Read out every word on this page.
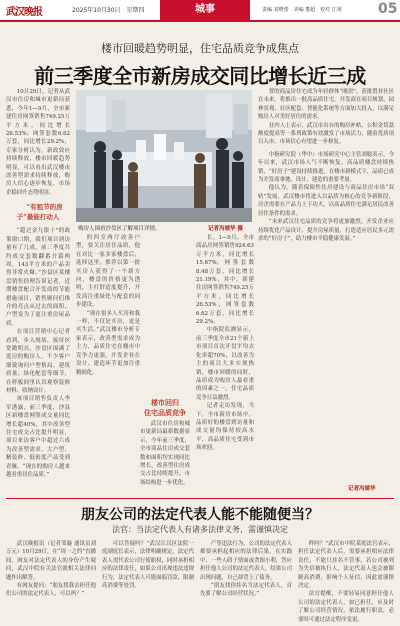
武汉晚报	2025年10月30日　星期四	城事	责编 刘晓蕾　美编 董超　校对 江靖	05
楼市回暖趋势明显，住宅品质竞争成焦点
前三季度全市新房成交同比增长近三成

10月29日，记者从武汉市住房和城市更新局获悉，今年1—9月，全市新建住房网签销售749.25万平方米，同比增长26.53%；网签套数6.62万套，同比增长29.2%，专家分析认为，新政效应持续释放，楼市回暖趋势明显，可以看出武汉楼市改善型需求持续释放，购房人信心逐步恢复，市场企稳回升态势明显。

“有租节的房子”最能打动人

“超过金九银十”的政策窗口期，我们项目到访量有了几成，前三季度共约成交套数翻番开幕两周，143平方米的产品卖得非常火爆。”沙县区某楼盘销售经理告诉记者，近期楼盘配合开发商的节能措施项目，销售顾问们推介的亮点从过去的面积、户型变为了更注重房屋品质。

在项目营销中心记者看到，步入现场，接待区宽敞明亮，沙盘区围满了选房的购房人，不少客户细致询问户型格局、建筑质量、绿化配套等细节，在样板间里认真观察装修材料、收纳设计。

该项目销售负责人李军透露，前三季度，沙县区新楼盘网签成交量同比增长超40%，其中改善型住宅成交占比提升明显，项目来访客户中超过六成为改善型需求，大户型、精装修、低密度产品受到青睐。“现在的购房人越来越看重居住品质。”

购房人围看沙盘区了解项目详情。	记者冯婧华 摄

的四室两厅改善户型，要关注居住品质，他在对比一家多家楼盘后，选择这里，推荐以第一批买房人获得了一个新方向，楼盘的价格更为透明，主打舒适度提升，开发商注重绿化与配套的同步建设。

“现在很多人买房和我一样，不仅是买房，更是买生活。”武汉楼市分析专家表示，改善型需求成为主力，品质住宅在楼市中竞争力更强，开发企业在设计、建造环节更加注重精细化。

楼市回归
住宅品质竞争

武汉市住房和城市更新局最新数据显示，今年前三季度，全市商品住房成交套数和面积均实现同比增长，改善型住房成交占比持续提升，市场结构进一步优化。

长。1—9月，全市商品房网签销售924.63万平方米，同比增长15.67%；网签套数8.48万套，同比增长21.19%，其中，新建住房网签销售749.25万平方米，同比增长26.53%，网签套数6.62万套，同比增长29.2%。

中指院监测显示，前三季度全市21个新上市项目首次开盘平均去化率超70%，以改善为主的项目大多实现热销，楼市回暖的同时，品质成为购房人最看重的因素之一，住宅品质竞争日益激烈。

记者走访发现，当下，全市新房市场中，品质好的楼盘到访量和成交量均保持较高水平，高品质住宅受到市场欢迎。

置的商品房住宅成为年轻群体“刚需”，获批置业社区在未来，将推出一批高品质住宅，开发商在项目规划、园林景观、社区配套、智能化系统等方面加大投入，以满足购房人对美好居住的需求。

业内人士表示，武汉市出台的购房补贴、公积金贷款额度提高等一系列政策有效激发了市场活力，随着优质项目入市，市场信心有望进一步修复。

中指研究院（华中）市场研究中心主管刘聪表示，今年以来，武汉市场人气不断恢复，高品质楼盘持续热销，“好房子”建设持续推进，在楼市新模式下，品质已成为开发商拿地、设计、建造的重要考量。

他认为，随着保障性住房建设与商品住房市场“双轨”发展，武汉楼市将进入以品质为核心的竞争新阶段，房企需要在产品力上下功夫，以高品质住宅满足居民改善居住条件的需求。

“未来武汉住宅品质的竞争将更加激烈，开发企业应持续优化产品设计，提升房屋质量，打造适应居民多元需求的“好房子”，助力楼市平稳健康发展。”

记者冯婧华
朋友公司的法定代表人能不能随便当？
法官：当法定代表人有诸多法律义务，需谨慎决定

武汉晚报讯（记者邹璇 通讯员刘万元）10月29日，在“周一之约”直播间，网友对法定代表人的身份产生疑问，武汉中院有关法官就相关法律问题作出解答。

有网友提问：“朋友找我去担任他们公司的法定代表人，可以吗？”

可以答疑吗？”武汉江汉区法院一庭副庭长表示，法律明确规定，法定代表人需代表公司行使职权，同时承担相应的法律责任，如果公司出现违法违规行为，法定代表人可能面临罚款、限制高消费等处罚。

产等违法行为，公司的法定代表人都要承担起相应的法律后果。在实践中，一些人碍于情面或贪图小利，答应担任他人公司的法定代表人，结果公司出现问题，自己却背上了债务。

“朋友找你挂名当法定代表人，首先要了解公司经营状况。”

样吗？”武汉市中院某庭法官表示，担任法定代表人后，需要承担相应法律责任，不能只挂名不管事，若公司被列为失信被执行人，法定代表人也会被限制高消费，影响个人征信，因此需谨慎决定。

法官提醒，不要轻易同意担任他人公司的法定代表人，如已担任，应及时了解公司经营情况，依法履行职责，必要时可通过法定程序变更。
